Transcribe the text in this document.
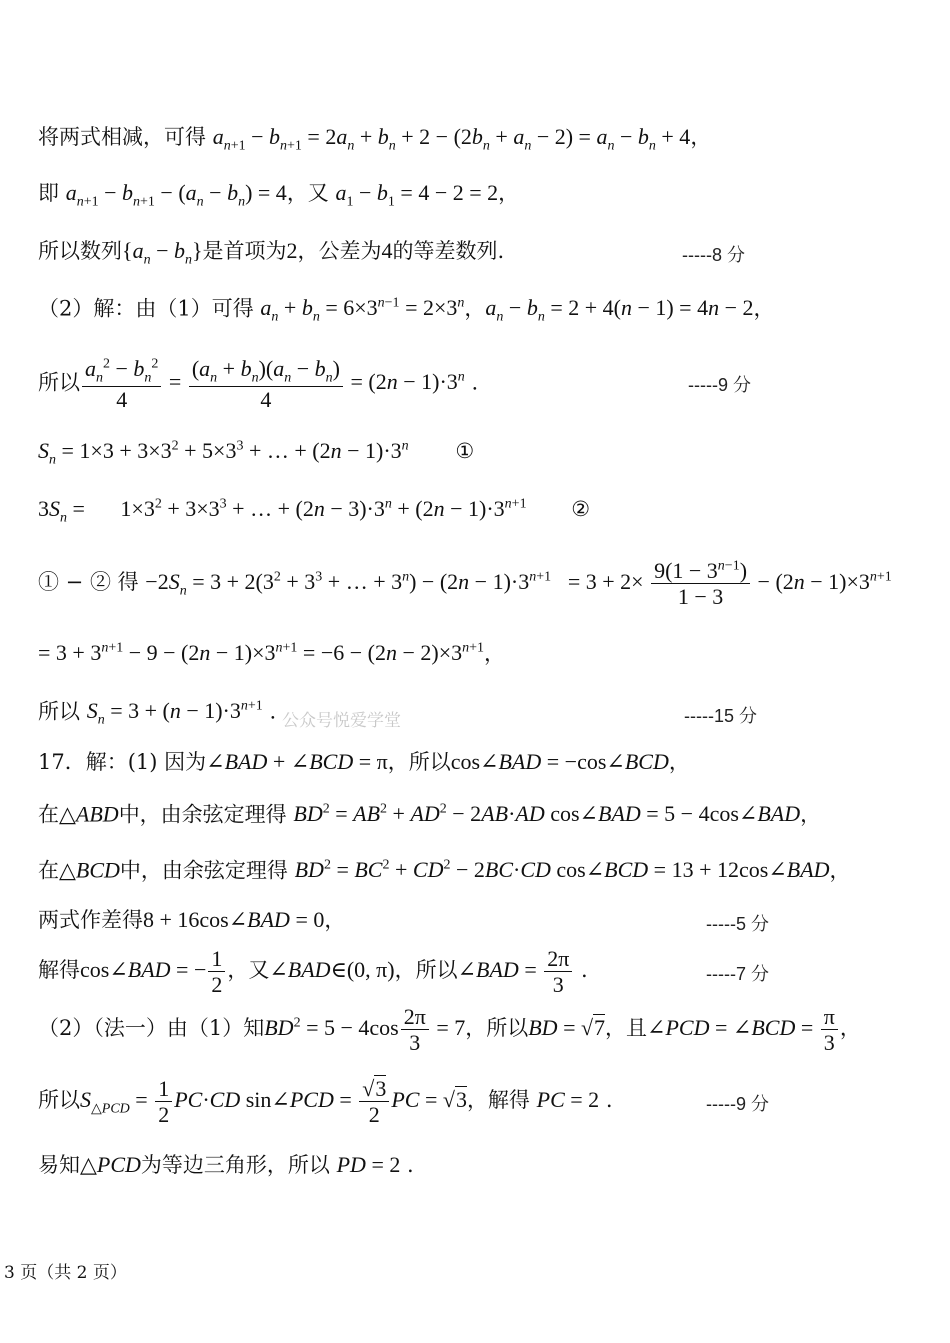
将两式相减，可得 $a_{n+1} - b_{n+1} = 2a_n + b_n + 2 - (2b_n + a_n - 2) = a_n - b_n + 4$，
即 $a_{n+1} - b_{n+1} - (a_n - b_n) = 4$，又 $a_1 - b_1 = 4 - 2 = 2$，
所以数列$\{a_n - b_n\}$是首项为2，公差为4的等差数列.	-----8 分
（2）解：由（1）可得 $a_n + b_n = 6\times 3^{n-1} = 2\times 3^n$，$a_n - b_n = 2 + 4(n - 1) = 4n - 2$，
所以 $\frac{a_n^2 - b_n^2}{4} = \frac{(a_n + b_n)(a_n - b_n)}{4} = (2n - 1)\cdot 3^n$ .	-----9 分
$S_n = 1\times 3 + 3\times 3^2 + 5\times 3^3$ + … + $(2n - 1)\cdot 3^n$ ①
$3S_n = 1\times 3^2 + 3\times 3^3$ + … + $(2n - 3)\cdot 3^n + (2n - 1)\cdot 3^{n+1}$ ②
① − ② 得 $-2S_n = 3 + 2(3^2 + 3^3$ + … + $3^n) - (2n - 1)\cdot 3^{n+1} = 3 + 2\times \frac{9(1 - 3^{n-1})}{1 - 3} - (2n - 1)\times 3^{n+1}$
= $3 + 3^{n+1} - 9 - (2n - 1)\times 3^{n+1} = -6 - (2n - 2)\times 3^{n+1}$，
所以 $S_n = 3 + (n - 1)\cdot 3^{n+1}$ . 公众号悦爱学堂	-----15 分
17．解：(1) 因为∠BAD + ∠BCD = π，所以cos∠BAD = −cos∠BCD，
在△ABD中，由余弦定理得 $BD^2 = AB^2 + AD^2 - 2AB\cdot AD$ cos∠BAD = 5 − 4cos∠BAD，
在△BCD中，由余弦定理得 $BD^2 = BC^2 + CD^2 - 2BC\cdot CD$ cos∠BCD = 13 + 12cos∠BAD，
两式作差得8 + 16cos∠BAD = 0，	-----5 分
解得cos∠BAD = − $\frac{1}{2}$ ，又∠BAD∈(0, π)，所以∠BAD = $\frac{2\pi}{3}$ .	-----7 分
（2）（法一）由（1）知$BD^2 = 5 - 4\cos \frac{2\pi}{3} = 7$，所以BD = √7，且∠PCD = ∠BCD = $\frac{\pi}{3}$ ，
所以$S_{\triangle PCD} = \frac{1}{2} PC\cdot CD$ sin∠PCD = $\frac{√3}{2}$ PC = √3，解得 PC = 2 .	-----9 分
易知△PCD为等边三角形，所以 PD = 2 .
3 页（共 2 页）
